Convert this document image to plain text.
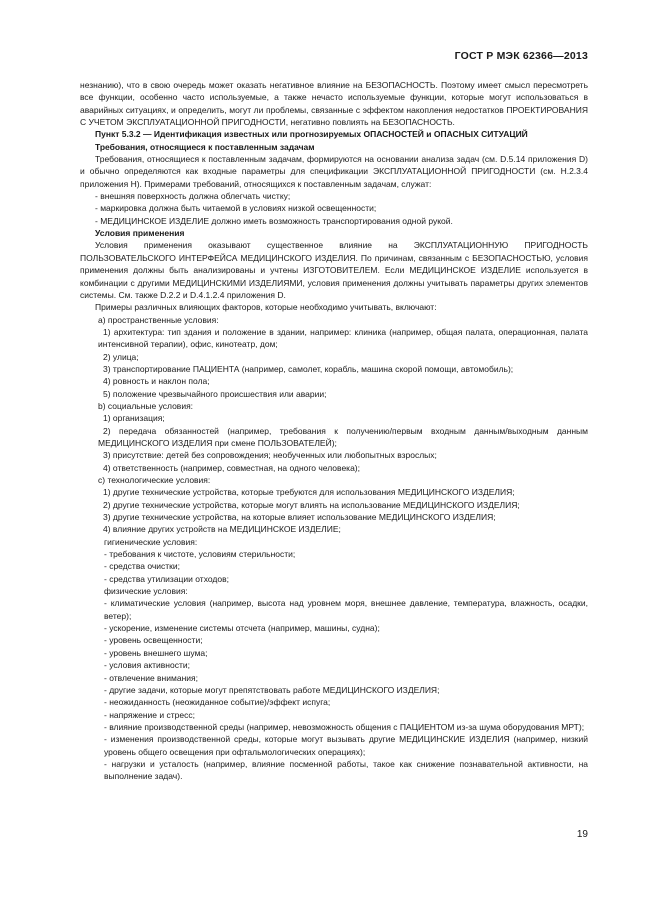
ГОСТ Р МЭК 62366—2013

незнанию), что в свою очередь может оказать негативное влияние на БЕЗОПАСНОСТЬ. Поэтому имеет смысл пересмотреть все функции, особенно часто используемые, а также нечасто используемые функции, которые могут использоваться в аварийных ситуациях, и определить, могут ли проблемы, связанные с эффектом накопления недостатков ПРОЕКТИРОВАНИЯ С УЧЕТОМ ЭКСПЛУАТАЦИОННОЙ ПРИГОДНОСТИ, негативно повлиять на БЕЗОПАСНОСТЬ.

Пункт 5.3.2 — Идентификация известных или прогнозируемых ОПАСНОСТЕЙ и ОПАСНЫХ СИТУАЦИЙ

Требования, относящиеся к поставленным задачам

Требования, относящиеся к поставленным задачам, формируются на основании анализа задач (см. D.5.14 приложения D) и обычно определяются как входные параметры для спецификации ЭКСПЛУАТАЦИОННОЙ ПРИГОДНОСТИ (см. Н.2.3.4 приложения Н). Примерами требований, относящихся к поставленным задачам, служат:

- внешняя поверхность должна облегчать чистку;

- маркировка должна быть читаемой в условиях низкой освещенности;

- МЕДИЦИНСКОЕ ИЗДЕЛИЕ должно иметь возможность транспортирования одной рукой.

Условия применения

Условия применения оказывают существенное влияние на ЭКСПЛУАТАЦИОННУЮ ПРИГОДНОСТЬ ПОЛЬЗОВАТЕЛЬСКОГО ИНТЕРФЕЙСА МЕДИЦИНСКОГО ИЗДЕЛИЯ. По причинам, связанным с БЕЗОПАСНОСТЬЮ, условия применения должны быть анализированы и учтены ИЗГОТОВИТЕЛЕМ. Если МЕДИЦИНСКОЕ ИЗДЕЛИЕ используется в комбинации с другими МЕДИЦИНСКИМИ ИЗДЕЛИЯМИ, условия применения должны учитывать параметры других элементов системы. См. также D.2.2 и D.4.1.2.4 приложения D.

Примеры различных влияющих факторов, которые необходимо учитывать, включают:

a) пространственные условия:

1) архитектура: тип здания и положение в здании, например: клиника (например, общая палата, операционная, палата интенсивной терапии), офис, кинотеатр, дом;

2) улица;

3) транспортирование ПАЦИЕНТА (например, самолет, корабль, машина скорой помощи, автомобиль);

4) ровность и наклон пола;

5) положение чрезвычайного происшествия или аварии;

b) социальные условия:

1) организация;

2) передача обязанностей (например, требования к получению/первым входным данным/выходным данным МЕДИЦИНСКОГО ИЗДЕЛИЯ при смене ПОЛЬЗОВАТЕЛЕЙ);

3) присутствие: детей без сопровождения; необученных или любопытных взрослых;

4) ответственность (например, совместная, на одного человека);

c) технологические условия:

1) другие технические устройства, которые требуются для использования МЕДИЦИНСКОГО ИЗДЕЛИЯ;

2) другие технические устройства, которые могут влиять на использование МЕДИЦИНСКОГО ИЗДЕЛИЯ;

3) другие технические устройства, на которые влияет использование МЕДИЦИНСКОГО ИЗДЕЛИЯ;

4) влияние других устройств на МЕДИЦИНСКОЕ ИЗДЕЛИЕ;

гигиенические условия:

- требования к чистоте, условиям стерильности;

- средства очистки;

- средства утилизации отходов;

физические условия:

- климатические условия (например, высота над уровнем моря, внешнее давление, температура, влажность, осадки, ветер);

- ускорение, изменение системы отсчета (например, машины, судна);

- уровень освещенности;

- уровень внешнего шума;

- условия активности;

- отвлечение внимания;

- другие задачи, которые могут препятствовать работе МЕДИЦИНСКОГО ИЗДЕЛИЯ;

- неожиданность (неожиданное событие)/эффект испуга;

- напряжение и стресс;

- влияние производственной среды (например, невозможность общения с ПАЦИЕНТОМ из-за шума оборудования МРТ);

- изменения производственной среды, которые могут вызывать другие МЕДИЦИНСКИЕ ИЗДЕЛИЯ (например, низкий уровень общего освещения при офтальмологических операциях);

- нагрузки и усталость (например, влияние посменной работы, такое как снижение познавательной активности, на выполнение задач).

19
